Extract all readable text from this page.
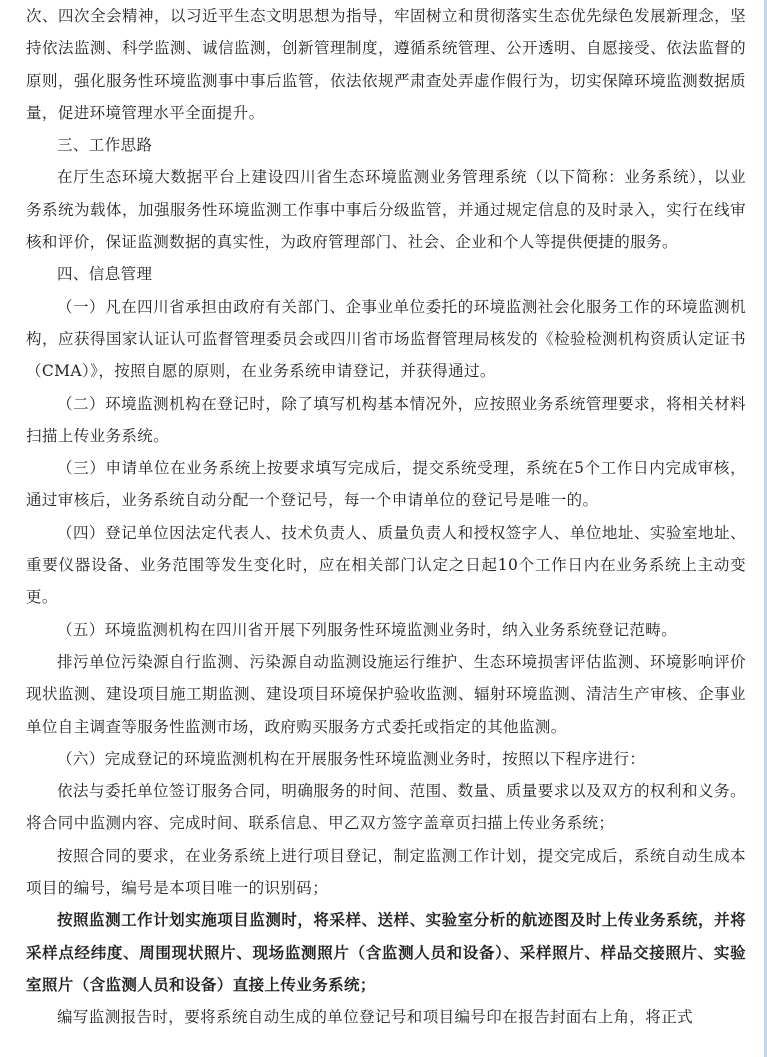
次、四次全会精神，以习近平生态文明思想为指导，牢固树立和贯彻落实生态优先绿色发展新理念，坚持依法监测、科学监测、诚信监测，创新管理制度，遵循系统管理、公开透明、自愿接受、依法监督的原则，强化服务性环境监测事中事后监管，依法依规严肃查处弄虚作假行为，切实保障环境监测数据质量，促进环境管理水平全面提升。

三、工作思路

在厅生态环境大数据平台上建设四川省生态环境监测业务管理系统（以下简称：业务系统），以业务系统为载体，加强服务性环境监测工作事中事后分级监管，并通过规定信息的及时录入，实行在线审核和评价，保证监测数据的真实性，为政府管理部门、社会、企业和个人等提供便捷的服务。

四、信息管理

（一）凡在四川省承担由政府有关部门、企事业单位委托的环境监测社会化服务工作的环境监测机构，应获得国家认证认可监督管理委员会或四川省市场监督管理局核发的《检验检测机构资质认定证书（CMA）》，按照自愿的原则，在业务系统申请登记，并获得通过。

（二）环境监测机构在登记时，除了填写机构基本情况外，应按照业务系统管理要求，将相关材料扫描上传业务系统。

（三）申请单位在业务系统上按要求填写完成后，提交系统受理，系统在5个工作日内完成审核，通过审核后，业务系统自动分配一个登记号，每一个申请单位的登记号是唯一的。

（四）登记单位因法定代表人、技术负责人、质量负责人和授权签字人、单位地址、实验室地址、重要仪器设备、业务范围等发生变化时，应在相关部门认定之日起10个工作日内在业务系统上主动变更。

（五）环境监测机构在四川省开展下列服务性环境监测业务时，纳入业务系统登记范畴。

排污单位污染源自行监测、污染源自动监测设施运行维护、生态环境损害评估监测、环境影响评价现状监测、建设项目施工期监测、建设项目环境保护验收监测、辐射环境监测、清洁生产审核、企事业单位自主调查等服务性监测市场，政府购买服务方式委托或指定的其他监测。

（六）完成登记的环境监测机构在开展服务性环境监测业务时，按照以下程序进行：

依法与委托单位签订服务合同，明确服务的时间、范围、数量、质量要求以及双方的权利和义务。将合同中监测内容、完成时间、联系信息、甲乙双方签字盖章页扫描上传业务系统；

按照合同的要求，在业务系统上进行项目登记，制定监测工作计划，提交完成后，系统自动生成本项目的编号，编号是本项目唯一的识别码；

按照监测工作计划实施项目监测时，将采样、送样、实验室分析的航迹图及时上传业务系统，并将采样点经纬度、周围现状照片、现场监测照片（含监测人员和设备）、采样照片、样品交接照片、实验室照片（含监测人员和设备）直接上传业务系统；

编写监测报告时，要将系统自动生成的单位登记号和项目编号印在报告封面右上角，将正式
